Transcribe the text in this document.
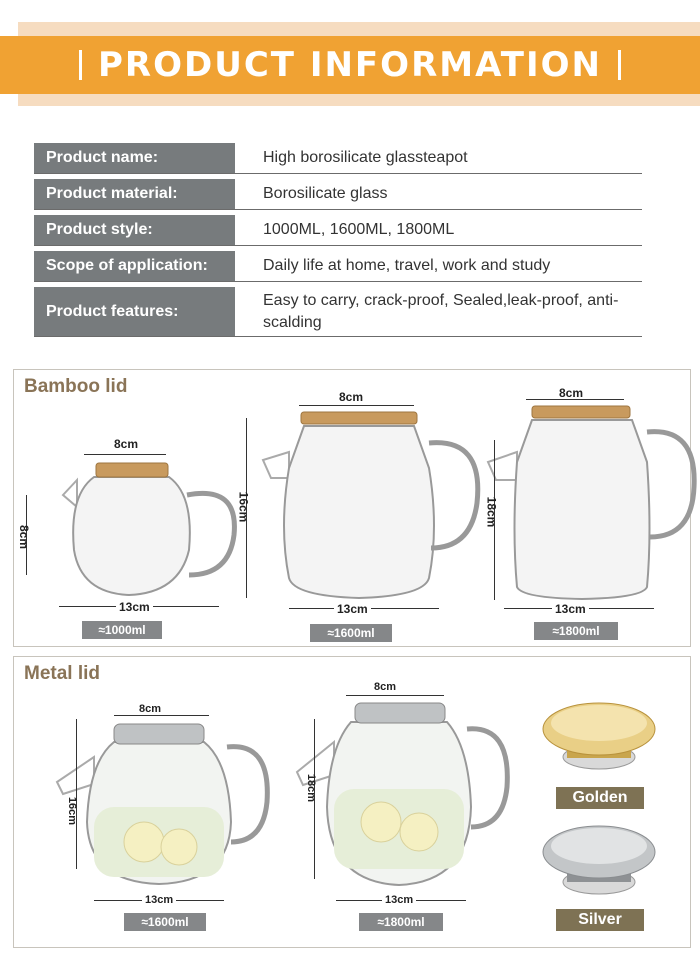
PRODUCT INFORMATION
Product name:	High borosilicate glassteapot
Product material:	Borosilicate glass
Product style:	1000ML, 1600ML, 1800ML
Scope of application:	Daily life at home, travel, work and study
Product features:
Easy to carry, crack-proof, Sealed,leak-proof, anti-scalding
Bamboo lid
8cm
8cm
13cm
≈1000ml
8cm
16cm
13cm
≈1600ml
8cm
18cm
13cm
≈1800ml
Metal lid
8cm
16cm
13cm
≈1600ml
8cm
18cm
13cm
≈1800ml
Golden
Silver
